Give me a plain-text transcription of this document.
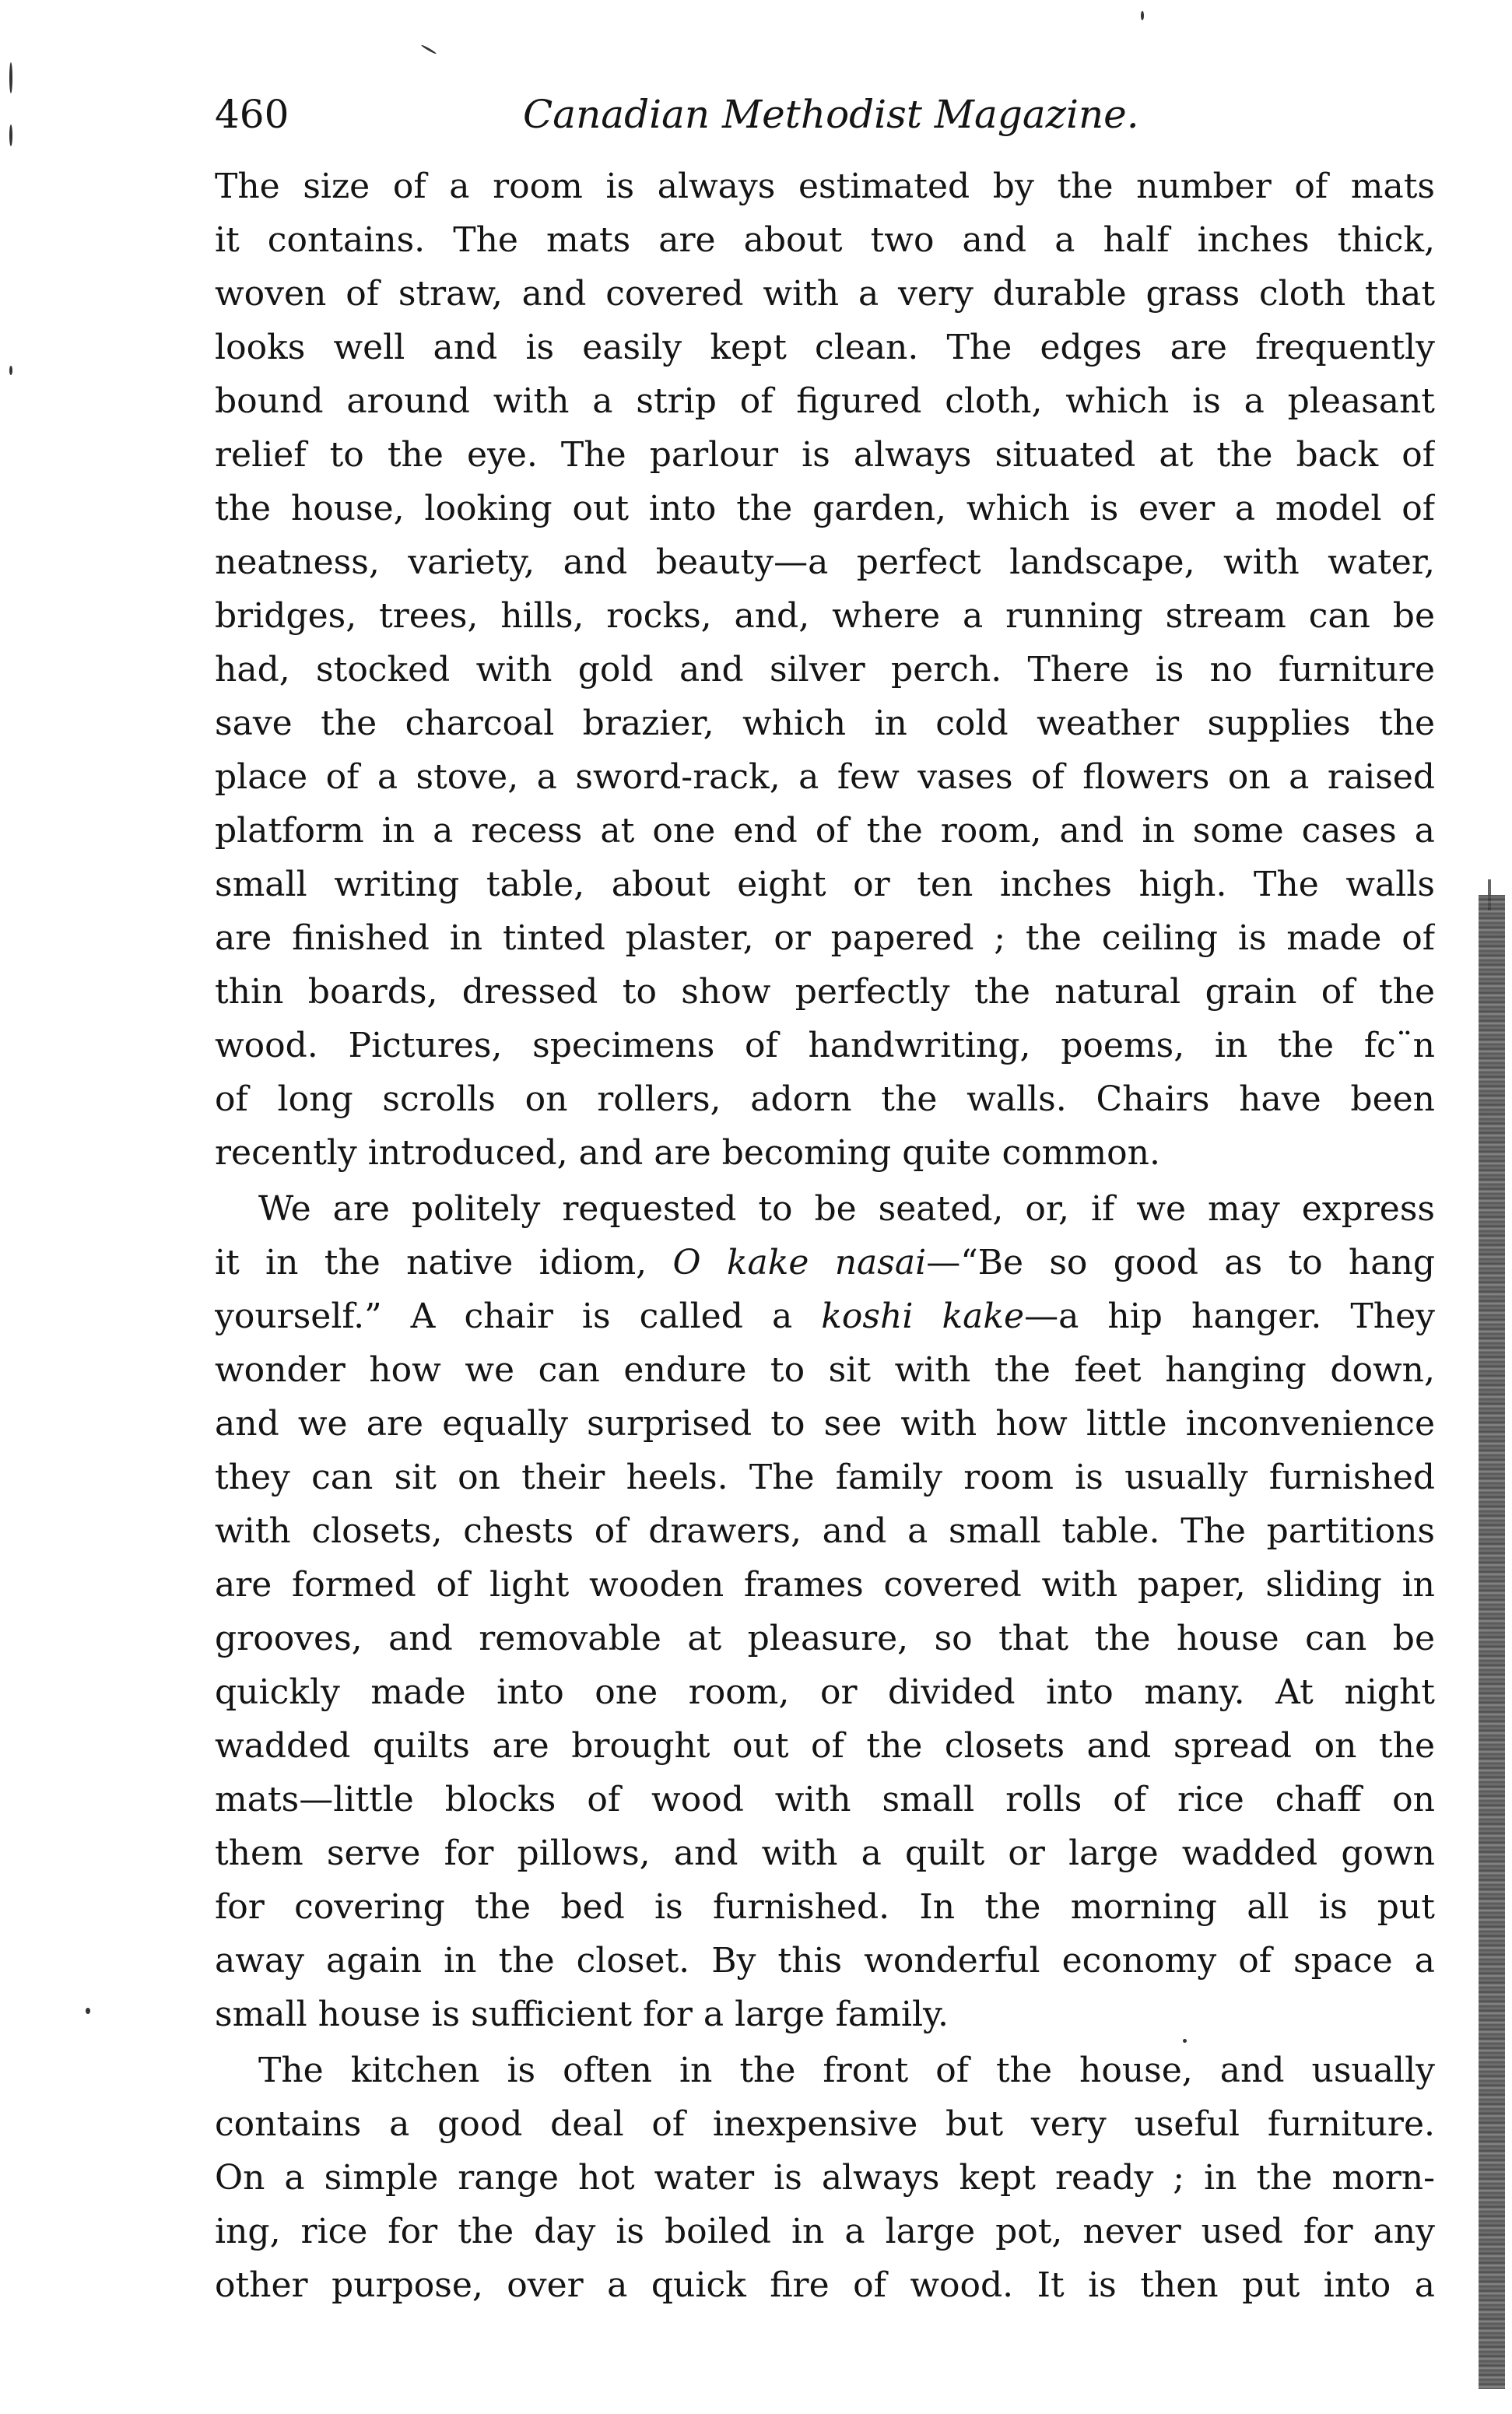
460	Canadian Methodist Magazine.
The size of a room is always estimated by the number of mats
it contains. The mats are about two and a half inches thick,
woven of straw, and covered with a very durable grass cloth that
looks well and is easily kept clean. The edges are frequently
bound around with a strip of figured cloth, which is a pleasant
relief to the eye. The parlour is always situated at the back of
the house, looking out into the garden, which is ever a model of
neatness, variety, and beauty—a perfect landscape, with water,
bridges, trees, hills, rocks, and, where a running stream can be
had, stocked with gold and silver perch. There is no furniture
save the charcoal brazier, which in cold weather supplies the
place of a stove, a sword-rack, a few vases of flowers on a raised
platform in a recess at one end of the room, and in some cases a
small writing table, about eight or ten inches high. The walls
are finished in tinted plaster, or papered ; the ceiling is made of
thin boards, dressed to show perfectly the natural grain of the
wood. Pictures, specimens of handwriting, poems, in the fc¨n
of long scrolls on rollers, adorn the walls. Chairs have been
recently introduced, and are becoming quite common.
We are politely requested to be seated, or, if we may express
it in the native idiom, O kake nasai—“Be so good as to hang
yourself.” A chair is called a koshi kake—a hip hanger. They
wonder how we can endure to sit with the feet hanging down,
and we are equally surprised to see with how little inconvenience
they can sit on their heels. The family room is usually furnished
with closets, chests of drawers, and a small table. The partitions
are formed of light wooden frames covered with paper, sliding in
grooves, and removable at pleasure, so that the house can be
quickly made into one room, or divided into many. At night
wadded quilts are brought out of the closets and spread on the
mats—little blocks of wood with small rolls of rice chaff on
them serve for pillows, and with a quilt or large wadded gown
for covering the bed is furnished. In the morning all is put
away again in the closet. By this wonderful economy of space a
small house is sufficient for a large family.
The kitchen is often in the front of the house, and usually
contains a good deal of inexpensive but very useful furniture.
On a simple range hot water is always kept ready ; in the morn-
ing, rice for the day is boiled in a large pot, never used for any
other purpose, over a quick fire of wood. It is then put into a
